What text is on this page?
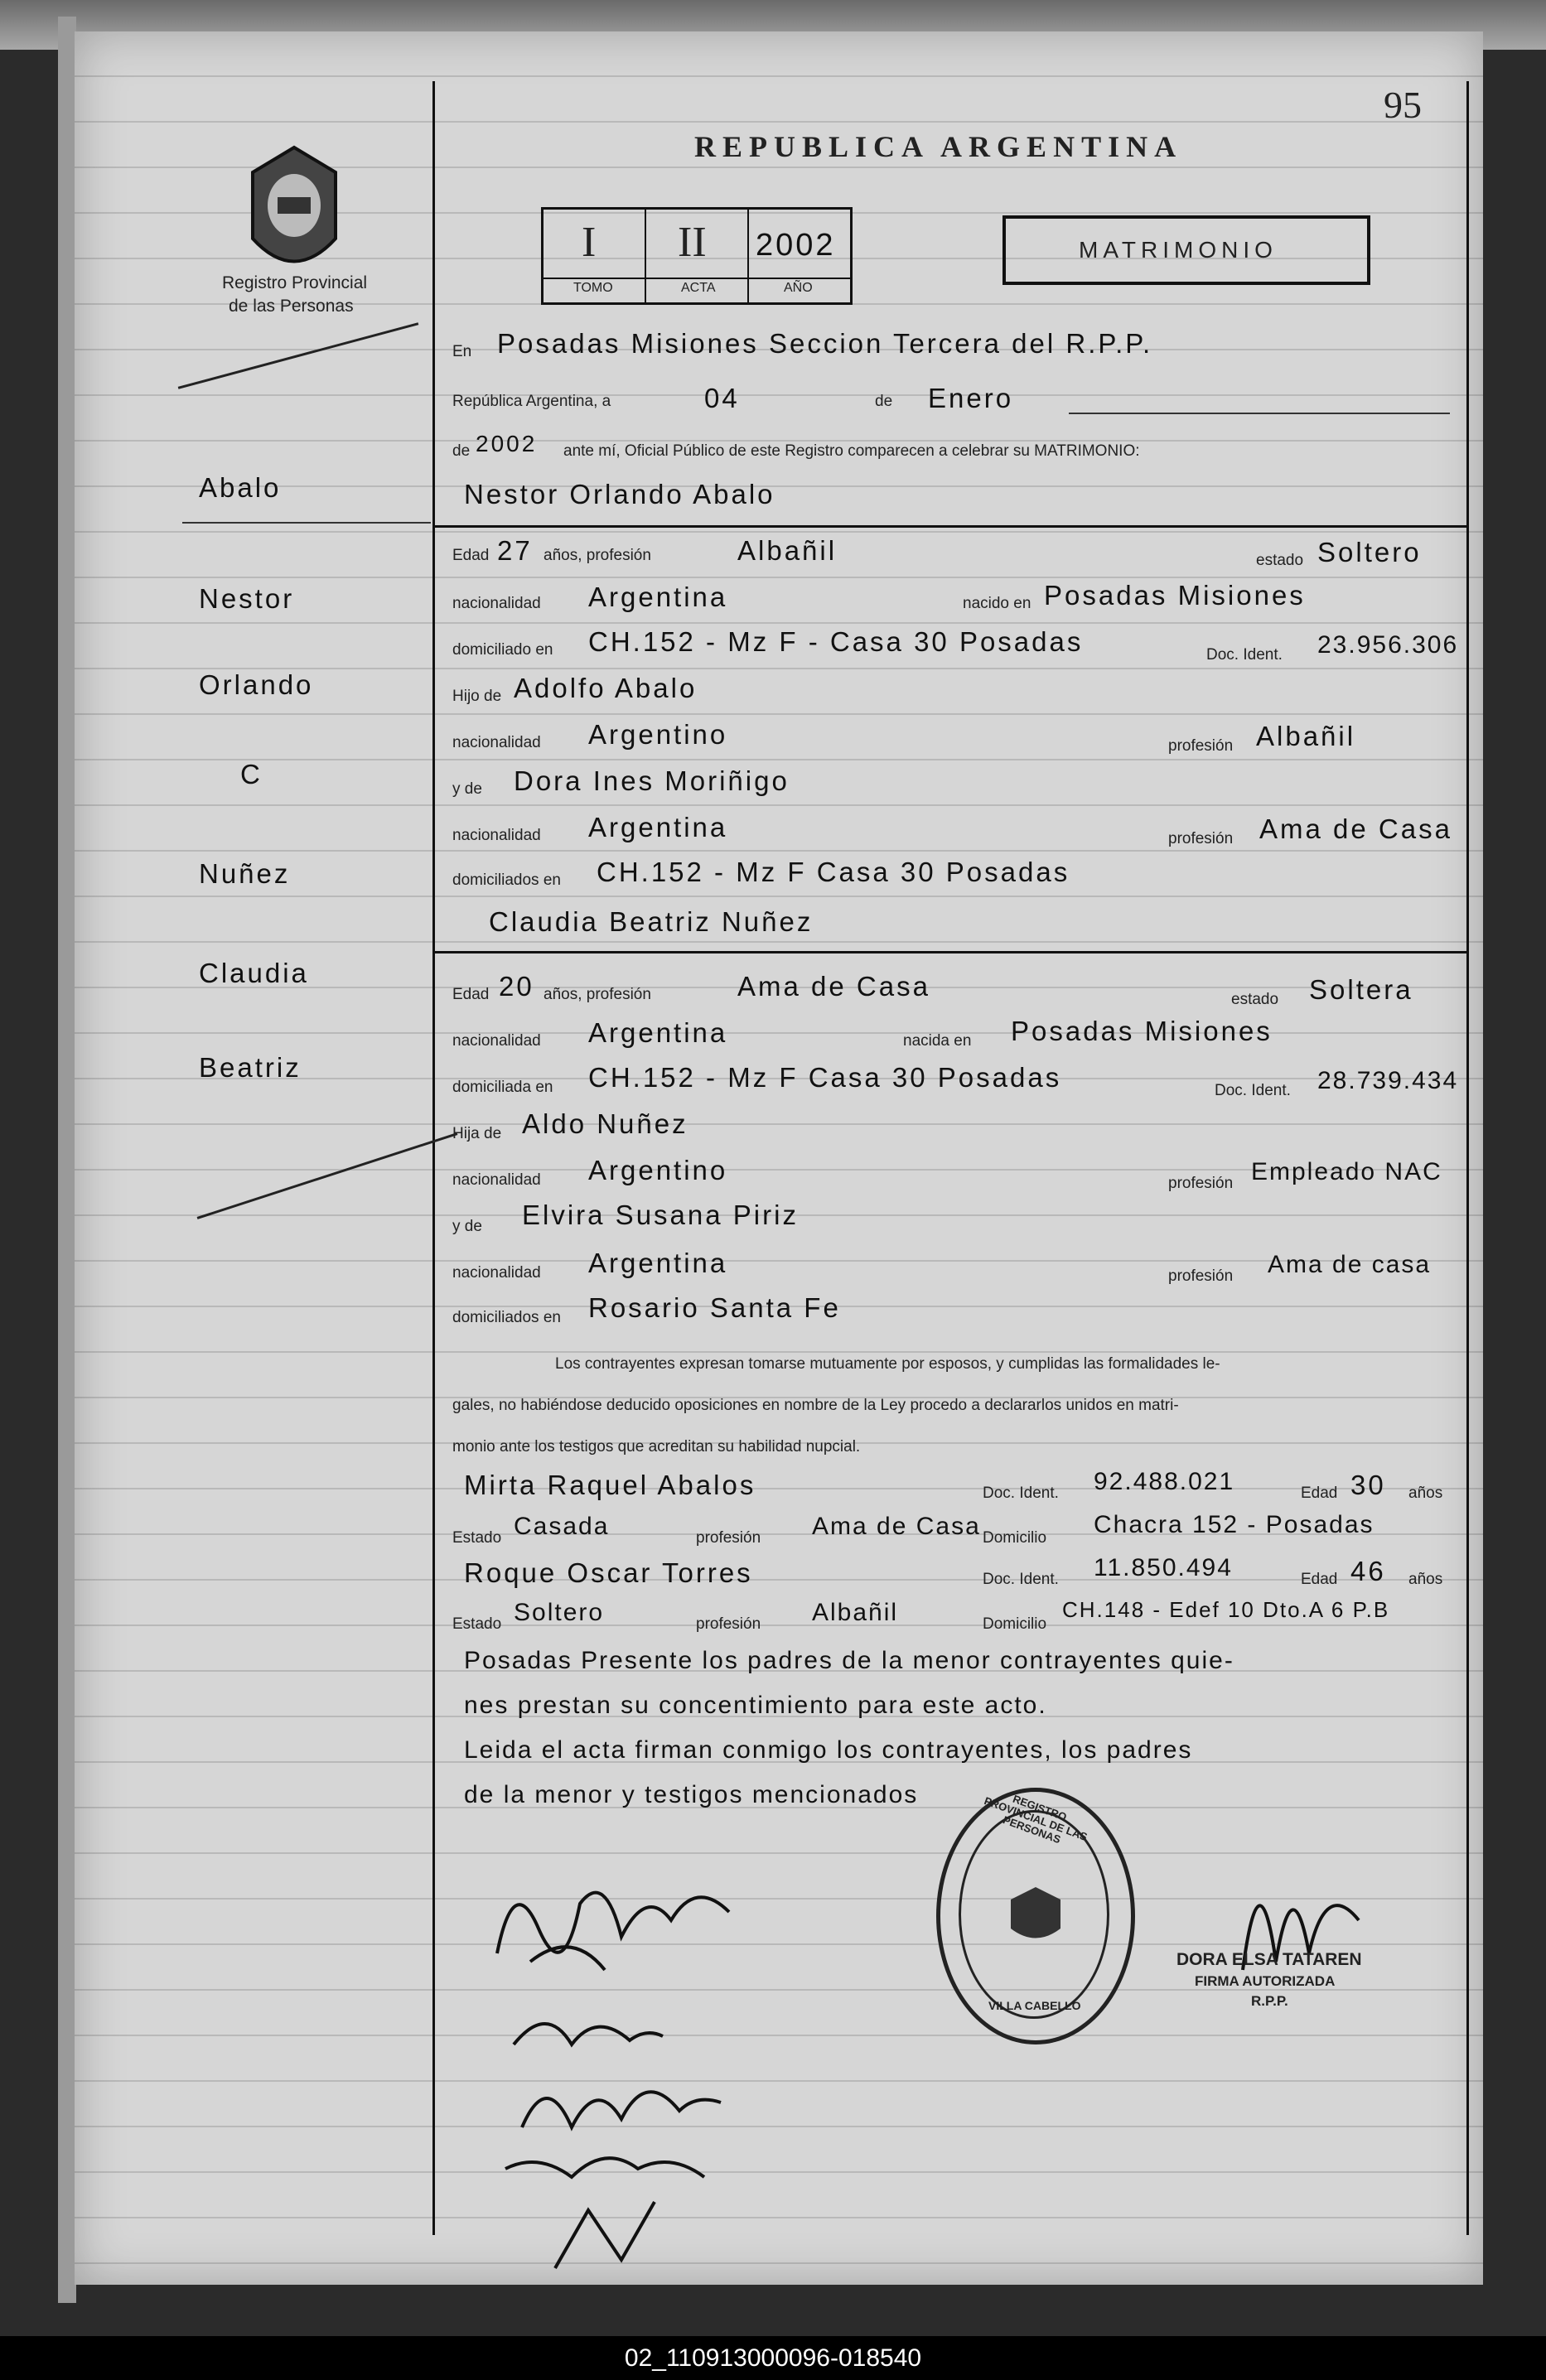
95
Registro Provincial
de las Personas
REPUBLICA ARGENTINA
I II 2002
TOMO	ACTA	AÑO
MATRIMONIO
Abalo
Nestor
Orlando
C
Nuñez
Claudia
Beatriz
En Posadas Misiones Seccion Tercera del R.P.P.
República Argentina, a	04	de Enero
de 2002 ante mí, Oficial Público de este Registro comparecen a celebrar su MATRIMONIO:
Nestor Orlando Abalo
Edad 27 años, profesión	Albañil	estado Soltero
nacionalidad Argentina	nacido en Posadas Misiones
domiciliado en CH.152 - Mz F - Casa 30 Posadas	Doc. Ident. 23.956.306
Hijo de Adolfo Abalo
nacionalidad Argentino	profesión Albañil
y de Dora Ines Moriñigo
nacionalidad Argentina	profesión Ama de Casa
domiciliados en CH.152 - Mz F Casa 30 Posadas
Claudia Beatriz Nuñez
Edad 20 años, profesión	Ama de Casa	estado Soltera
nacionalidad Argentina	nacida en Posadas Misiones
domiciliada en CH.152 - Mz F Casa 30 Posadas	Doc. Ident. 28.739.434
Hija de Aldo Nuñez
nacionalidad Argentino	profesión Empleado NAC
y de Elvira Susana Piriz
nacionalidad Argentina	profesión Ama de casa
domiciliados en Rosario Santa Fe
Los contrayentes expresan tomarse mutuamente por esposos, y cumplidas las formalidades le-
gales, no habiéndose deducido oposiciones en nombre de la Ley procedo a declararlos unidos en matri-
monio ante los testigos que acreditan su habilidad nupcial.
Mirta Raquel Abalos	Doc. Ident. 92.488.021	Edad 30 años
Estado Casada	profesión Ama de Casa Domicilio Chacra 152 - Posadas
Roque Oscar Torres	Doc. Ident. 11.850.494	Edad 46 años
Estado Soltero	profesión Albañil	Domicilio
CH.148 - Edef 10 Dto.A 6 P.B
Posadas Presente los padres de la menor contrayentes quie-
nes prestan su concentimiento para este acto.
Leida el acta firman conmigo los contrayentes, los padres
de la menor y testigos mencionados	REGISTRO PROVINCIAL DE LAS PERSONAS
VILLA CABELLO
DORA ELSA TATAREN
FIRMA AUTORIZADA
R.P.P.
02_110913000096-018540
